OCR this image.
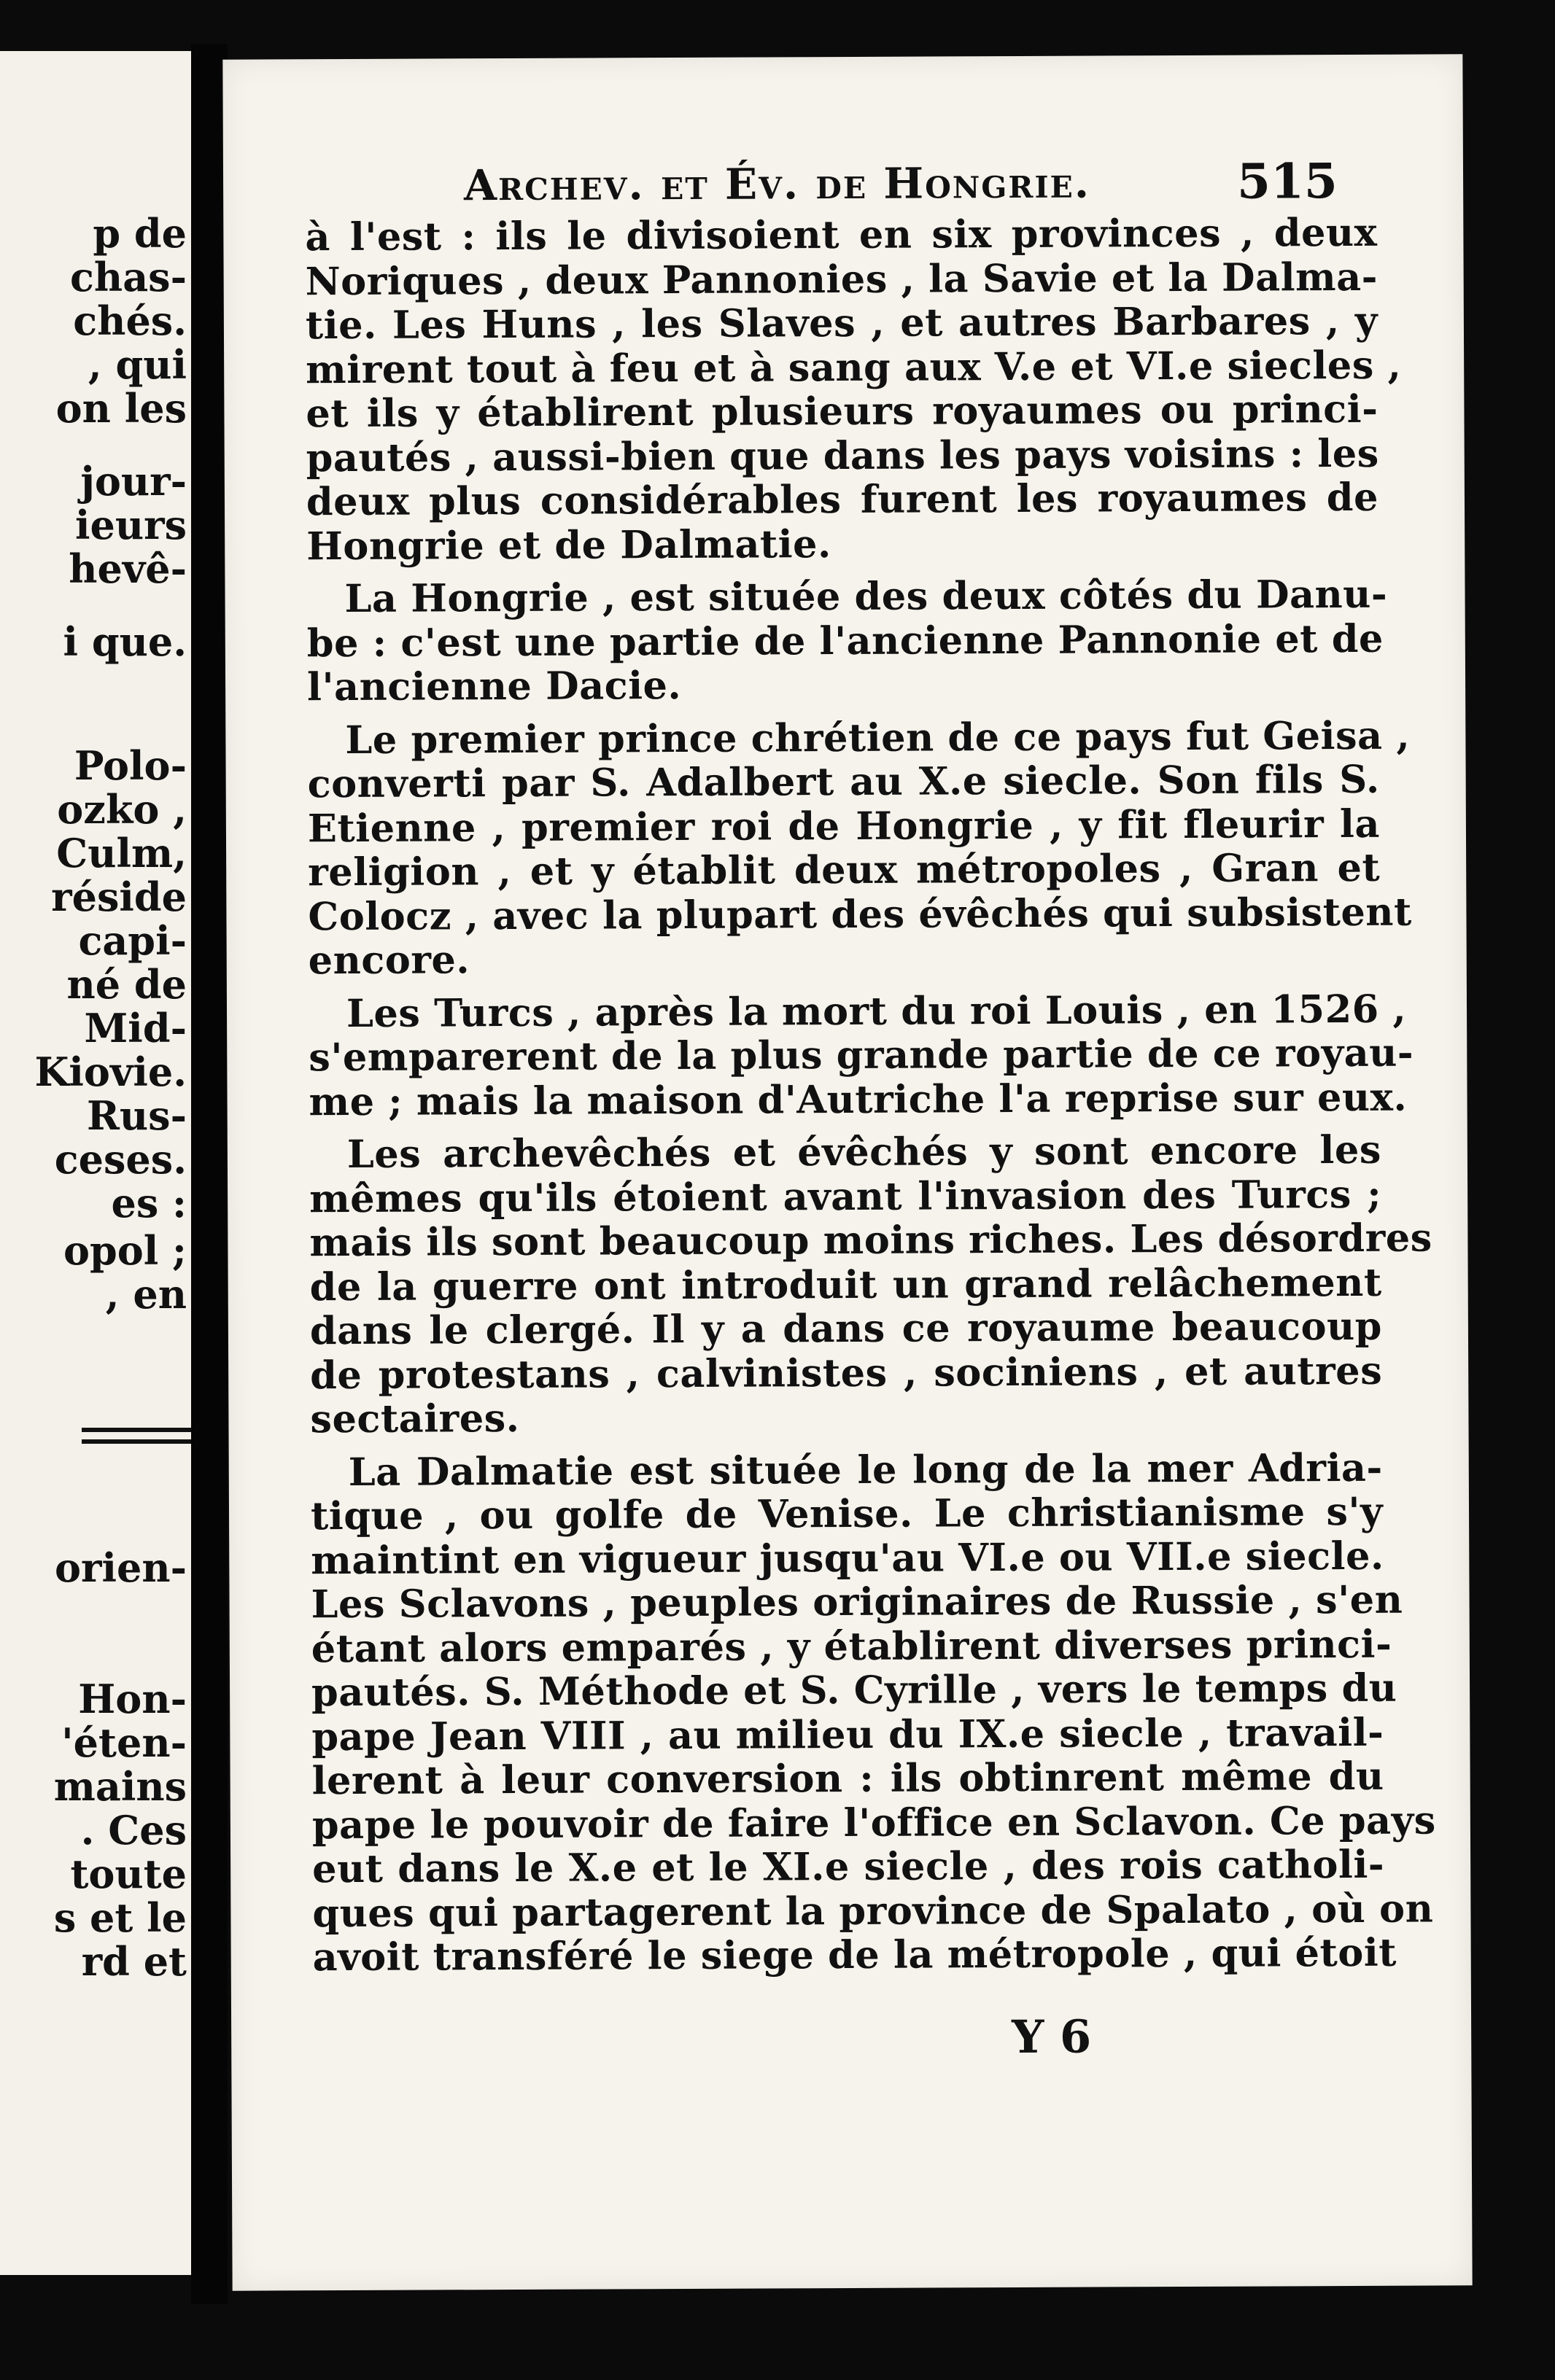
p de
chas-
chés.
, qui
on les
jour-
ieurs
hevê-
i que.
Polo-
ozko ,
Culm,
réside
capi-
né de
Mid-
Kiovie.
Rus-
ceses.
es :
opol ;
, en
orien-
Hon-
'éten-
mains
. Ces
toute
s et le
rd et
Archev. et Év. de Hongrie.	515
à l'est : ils le divisoient en six provinces , deux
Noriques , deux Pannonies , la Savie et la Dalma-
tie. Les Huns , les Slaves , et autres Barbares , y
mirent tout à feu et à sang aux V.e et VI.e siecles ,
et ils y établirent plusieurs royaumes ou princi-
pautés , aussi-bien que dans les pays voisins : les
deux plus considérables furent les royaumes de
Hongrie et de Dalmatie.
La Hongrie , est située des deux côtés du Danu-
be : c'est une partie de l'ancienne Pannonie et de
l'ancienne Dacie.
Le premier prince chrétien de ce pays fut Geisa ,
converti par S. Adalbert au X.e siecle. Son fils S.
Etienne , premier roi de Hongrie , y fit fleurir la
religion , et y établit deux métropoles , Gran et
Colocz , avec la plupart des évêchés qui subsistent
encore.
Les Turcs , après la mort du roi Louis , en 1526 ,
s'emparerent de la plus grande partie de ce royau-
me ; mais la maison d'Autriche l'a reprise sur eux.
Les archevêchés et évêchés y sont encore les
mêmes qu'ils étoient avant l'invasion des Turcs ;
mais ils sont beaucoup moins riches. Les désordres
de la guerre ont introduit un grand relâchement
dans le clergé. Il y a dans ce royaume beaucoup
de protestans , calvinistes , sociniens , et autres
sectaires.
La Dalmatie est située le long de la mer Adria-
tique , ou golfe de Venise. Le christianisme s'y
maintint en vigueur jusqu'au VI.e ou VII.e siecle.
Les Sclavons , peuples originaires de Russie , s'en
étant alors emparés , y établirent diverses princi-
pautés. S. Méthode et S. Cyrille , vers le temps du
pape Jean VIII , au milieu du IX.e siecle , travail-
lerent à leur conversion : ils obtinrent même du
pape le pouvoir de faire l'office en Sclavon. Ce pays
eut dans le X.e et le XI.e siecle , des rois catholi-
ques qui partagerent la province de Spalato , où on
avoit transféré le siege de la métropole , qui étoit
Y 6
